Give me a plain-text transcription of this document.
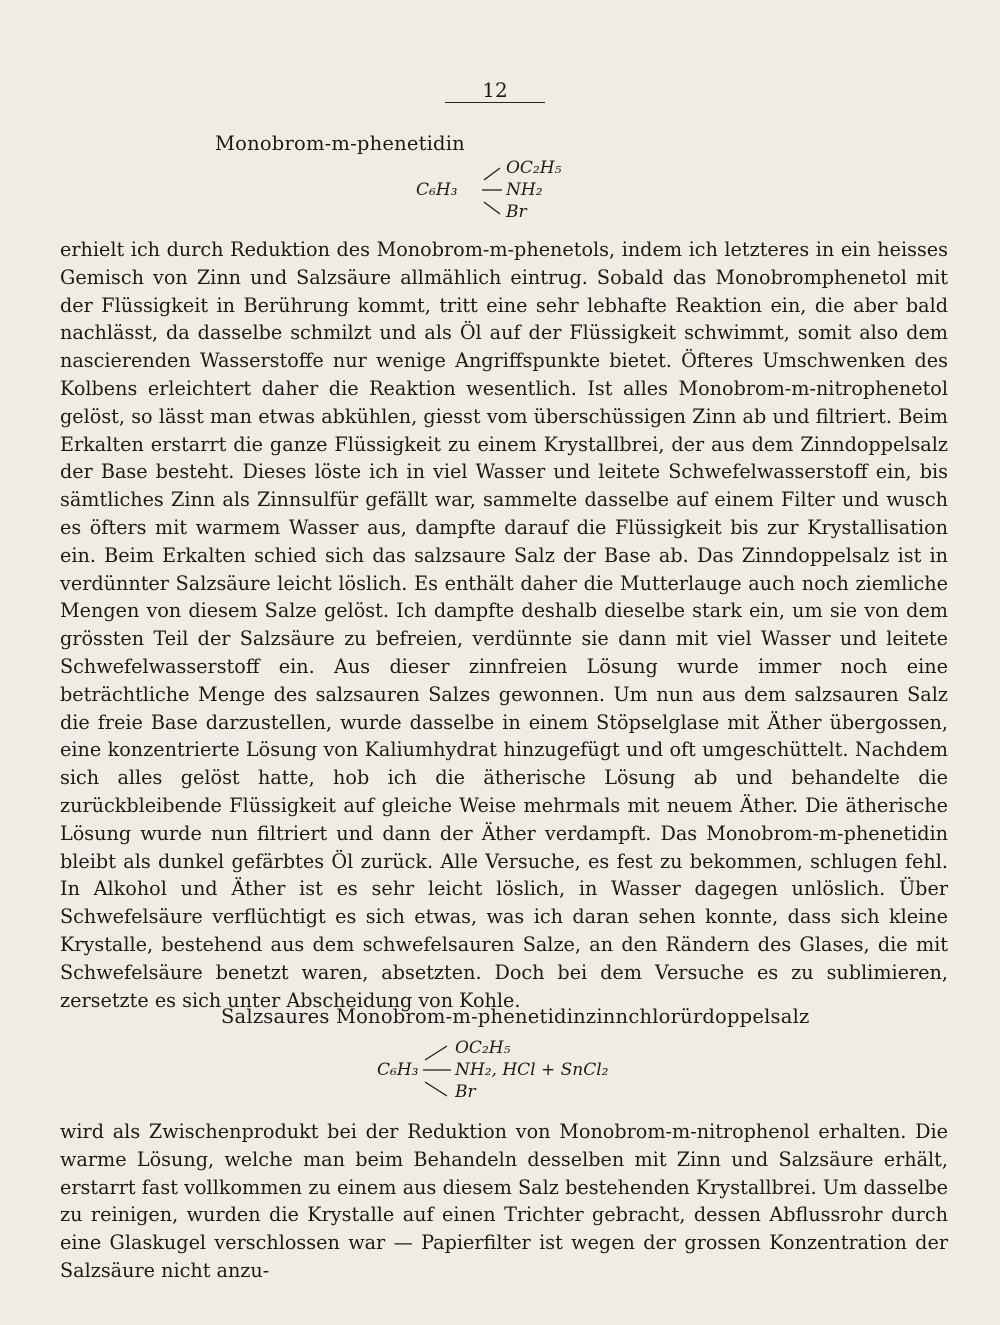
12
Monobrom-m-phenetidin
C₆H₃
OC₂H₅
NH₂
Br

erhielt ich durch Reduktion des Monobrom-m-phenetols, indem ich letzteres in ein heisses Gemisch von Zinn und Salzsäure allmählich eintrug. Sobald das Monobromphenetol mit der Flüssigkeit in Berührung kommt, tritt eine sehr lebhafte Reaktion ein, die aber bald nachlässt, da dasselbe schmilzt und als Öl auf der Flüssigkeit schwimmt, somit also dem nascierenden Wasserstoffe nur wenige Angriffspunkte bietet. Öfteres Umschwenken des Kolbens erleichtert daher die Reaktion wesentlich. Ist alles Monobrom-m-nitrophenetol gelöst, so lässt man etwas abkühlen, giesst vom überschüssigen Zinn ab und filtriert. Beim Erkalten erstarrt die ganze Flüssigkeit zu einem Krystallbrei, der aus dem Zinndoppelsalz der Base besteht. Dieses löste ich in viel Wasser und leitete Schwefelwasserstoff ein, bis sämtliches Zinn als Zinnsulfür gefällt war, sammelte dasselbe auf einem Filter und wusch es öfters mit warmem Wasser aus, dampfte darauf die Flüssigkeit bis zur Krystallisation ein. Beim Erkalten schied sich das salzsaure Salz der Base ab. Das Zinndoppelsalz ist in verdünnter Salzsäure leicht löslich. Es enthält daher die Mutterlauge auch noch ziemliche Mengen von diesem Salze gelöst. Ich dampfte deshalb dieselbe stark ein, um sie von dem grössten Teil der Salzsäure zu befreien, verdünnte sie dann mit viel Wasser und leitete Schwefelwasserstoff ein. Aus dieser zinnfreien Lösung wurde immer noch eine beträchtliche Menge des salzsauren Salzes gewonnen. Um nun aus dem salzsauren Salz die freie Base darzustellen, wurde dasselbe in einem Stöpselglase mit Äther übergossen, eine konzentrierte Lösung von Kaliumhydrat hinzugefügt und oft umgeschüttelt. Nachdem sich alles gelöst hatte, hob ich die ätherische Lösung ab und behandelte die zurückbleibende Flüssigkeit auf gleiche Weise mehrmals mit neuem Äther. Die ätherische Lösung wurde nun filtriert und dann der Äther verdampft. Das Monobrom-m-phenetidin bleibt als dunkel gefärbtes Öl zurück. Alle Versuche, es fest zu bekommen, schlugen fehl. In Alkohol und Äther ist es sehr leicht löslich, in Wasser dagegen unlöslich. Über Schwefelsäure verflüchtigt es sich etwas, was ich daran sehen konnte, dass sich kleine Krystalle, bestehend aus dem schwefelsauren Salze, an den Rändern des Glases, die mit Schwefelsäure benetzt waren, absetzten. Doch bei dem Versuche es zu sublimieren, zersetzte es sich unter Abscheidung von Kohle.

Salzsaures Monobrom-m-phenetidinzinnchlorürdoppelsalz
C₆H₃
OC₂H₅
NH₂, HCl + SnCl₂
Br

wird als Zwischenprodukt bei der Reduktion von Monobrom-m-nitrophenol erhalten. Die warme Lösung, welche man beim Behandeln desselben mit Zinn und Salzsäure erhält, erstarrt fast vollkommen zu einem aus diesem Salz bestehenden Krystallbrei. Um dasselbe zu reinigen, wurden die Krystalle auf einen Trichter gebracht, dessen Abflussrohr durch eine Glaskugel verschlossen war — Papierfilter ist wegen der grossen Konzentration der Salzsäure nicht anzu-
